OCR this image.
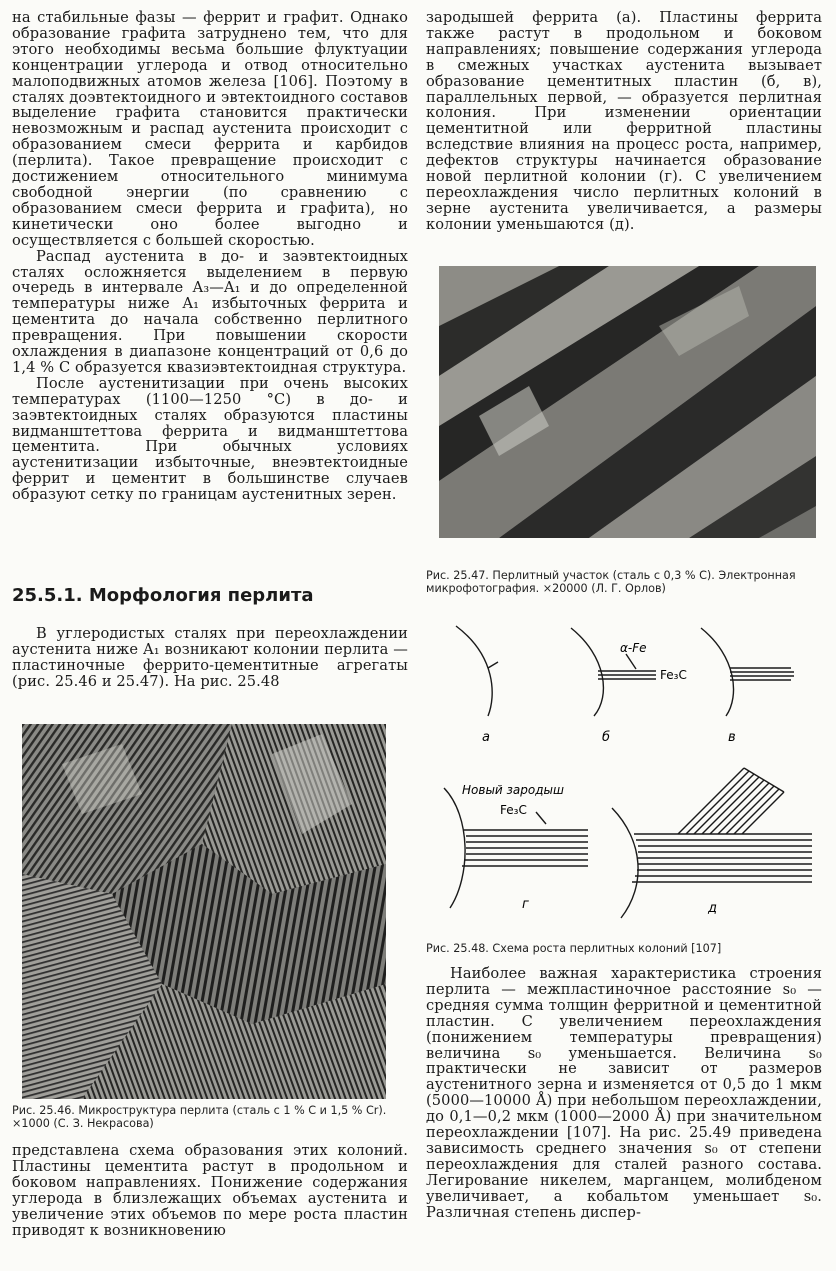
на стабильные фазы — феррит и графит. Однако образование графита затруднено тем, что для этого необходимы весьма большие флуктуации концентрации углерода и отвод относительно малоподвижных атомов железа [106]. Поэтому в сталях доэвтектоидного и эвтектоидного составов выделение графита становится практически невозможным и распад аустенита происходит с образованием смеси феррита и карбидов (перлита). Такое превращение происходит с достижением относительного минимума свободной энергии (по сравнению с образованием смеси феррита и графита), но кинетически оно более выгодно и осуществляется с большей скоростью.

Распад аустенита в до- и заэвтектоидных сталях осложняется выделением в первую очередь в интервале A₃—A₁ и до определенной температуры ниже A₁ избыточных феррита и цементита до начала собственно перлитного превращения. При повышении скорости охлаждения в диапазоне концентраций от 0,6 до 1,4 % С образуется квазиэвтектоидная структура.

После аустенитизации при очень высоких температурах (1100—1250 °С) в до- и заэвтектоидных сталях образуются пластины видманштеттова феррита и видманштеттова цементита. При обычных условиях аустенитизации избыточные, внеэвтектоидные феррит и цементит в большинстве случаев образуют сетку по границам аустенитных зерен.

25.5.1. Морфология перлита

В углеродистых сталях при переохлаждении аустенита ниже A₁ возникают колонии перлита — пластиночные феррито-цементитные агрегаты (рис. 25.46 и 25.47). На рис. 25.48

Рис. 25.46. Микроструктура перлита (сталь с 1 % С и 1,5 % Cr). ×1000 (С. З. Некрасова)

представлена схема образования этих колоний. Пластины цементита растут в продольном и боковом направлениях. Понижение содержания углерода в близлежащих объемах аустенита и увеличение этих объемов по мере роста пластин приводят к возникновению

зародышей феррита (а). Пластины феррита также растут в продольном и боковом направлениях; повышение содержания углерода в смежных участках аустенита вызывает образование цементитных пластин (б, в), параллельных первой, — образуется перлитная колония. При изменении ориентации цементитной или ферритной пластины вследствие влияния на процесс роста, например, дефектов структуры начинается образование новой перлитной колонии (г). С увеличением переохлаждения число перлитных колоний в зерне аустенита увеличивается, а размеры колонии уменьшаются (д).

Рис. 25.47. Перлитный участок (сталь с 0,3 % С). Электронная микрофотография. ×20000 (Л. Г. Орлов)
α-Fe
Fe₃C
Новый зародыш
Fe₃C
а	б	в
г	д
Рис. 25.48. Схема роста перлитных колоний [107]

Наиболее важная характеристика строения перлита — межпластиночное расстояние s₀ — средняя сумма толщин ферритной и цементитной пластин. С увеличением переохлаждения (понижением температуры превращения) величина s₀ уменьшается. Величина s₀ практически не зависит от размеров аустенитного зерна и изменяется от 0,5 до 1 мкм (5000—10000 Å) при небольшом переохлаждении, до 0,1—0,2 мкм (1000—2000 Å) при значительном переохлаждении [107]. На рис. 25.49 приведена зависимость среднего значения s₀ от степени переохлаждения для сталей разного состава. Легирование никелем, марганцем, молибденом увеличивает, а кобальтом уменьшает s₀. Различная степень диспер-
